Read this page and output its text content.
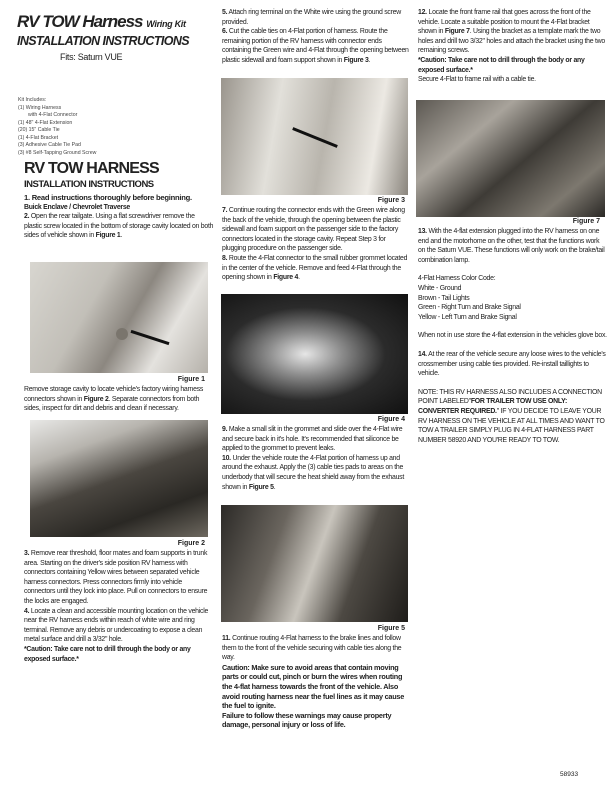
RV TOW Harness Wiring Kit
INSTALLATION INSTRUCTIONS
Fits: Saturn VUE
Kit Includes:
(1) Wiring Harness
with 4-Flat Connector
(1) 48" 4-Flat Extension
(20) 15" Cable Tie
(1) 4-Flat Bracket
(3) Adhesive Cable Tie Pad
(3) #8 Self-Tapping Ground Screw
RV TOW HARNESS
INSTALLATION INSTRUCTIONS
1. Read instructions thoroughly before beginning.
Buick Enclave / Chevrolet Traverse
2. Open the rear tailgate. Using a flat screwdriver remove the plastic screw located in the bottom of storage cavity located on both sides of vehicle shown in Figure 1.
Figure 1
Remove storage cavity to locate vehicle's factory wiring harness connectors shown in Figure 2. Separate connectors from both sides, inspect for dirt and debris and clean if necessary.
Figure 2
3. Remove rear threshold, floor mates and foam supports in trunk area. Starting on the driver's side position RV harness with connectors containing Yellow wires between separated vehicle harness connectors. Press connectors firmly into vehicle connectors until they lock into place. Pull on connectors to ensure the locks are engaged.
4. Locate a clean and accessible mounting location on the vehicle near the RV harness ends within reach of white wire and ring terminal. Remove any debris or undercoating to expose a clean metal surface and drill a 3/32" hole.
*Caution: Take care not to drill through the body or any exposed surface.*
5. Attach ring terminal on the White wire using the ground screw provided.
6. Cut the cable ties on 4-Flat portion of harness. Route the remaining portion of the RV harness with connector ends containing the Green wire and 4-Flat through the opening between plastic sidewall and foam support shown in Figure 3.
Figure 3
7. Continue routing the connector ends with the Green wire along the back of the vehicle, through the opening between the plastic sidewall and foam support on the passenger side to the factory connectors located in the storage cavity. Repeat Step 3 for plugging procedure on the passenger side.
8. Route the 4-Flat connector to the small rubber grommet located in the center of the vehicle. Remove and feed 4-Flat through the opening shown in Figure 4.
Figure 4
9. Make a small slit in the grommet and slide over the 4-Flat wire and secure back in it's hole. It's recommended that siliconce be applied to the grommet to prevent leaks.
10. Under the vehicle route the 4-Flat portion of harness up and around the exhaust. Apply the (3) cable ties pads to areas on the underbody that will secure the heat shield away from the exhaust shown in Figure 5.
Figure 5
11. Continue routing 4-Flat harness to the brake lines and follow them to the front of the vehicle securing with cable ties along the way.
Caution: Make sure to avoid areas that contain moving parts or could cut, pinch or burn the wires when routing the 4-flat harness towards the front of the vehicle. Also avoid routing harness near the fuel lines as it may cause the fuel to ignite.
Failure to follow these warnings may cause property damage, personal injury or loss of life.
12. Locate the front frame rail that goes across the front of the vehicle. Locate a suitable position to mount the 4-Flat bracket shown in Figure 7. Using the bracket as a template mark the two holes and drill two 3/32" holes and attach the bracket using the two remaining screws.
*Caution: Take care not to drill through the body or any exposed surface.*
Secure 4-Flat to frame rail with a cable tie.
Figure 7
13. With the 4-flat extension plugged into the RV harness on one end and the motorhome on the other, test that the functions work on the Saturn VUE. These functions will only work on the brake/tail combination lamp.
4-Flat Harness Color Code:
White - Ground
Brown - Tail Lights
Green - Right Turn and Brake Signal
Yellow - Left Turn and Brake Signal
When not in use store the 4-flat extension in the vehicles glove box.
14. At the rear of the vehicle secure any loose wires to the vehicle's crossmember using cable ties provided. Re-install taillights to vehicle.
NOTE: THIS RV HARNESS ALSO INCLUDES A CONNECTION POINT LABELED"FOR TRAILER TOW USE ONLY: CONVERTER REQUIRED." IF YOU DECIDE TO LEAVE YOUR RV HARNESS ON THE VEHICLE AT ALL TIMES AND WANT TO TOW A TRAILER SIMPLY PLUG IN 4-FLAT HARNESS PART NUMBER 58920 AND YOU'RE READY TO TOW.
58933
